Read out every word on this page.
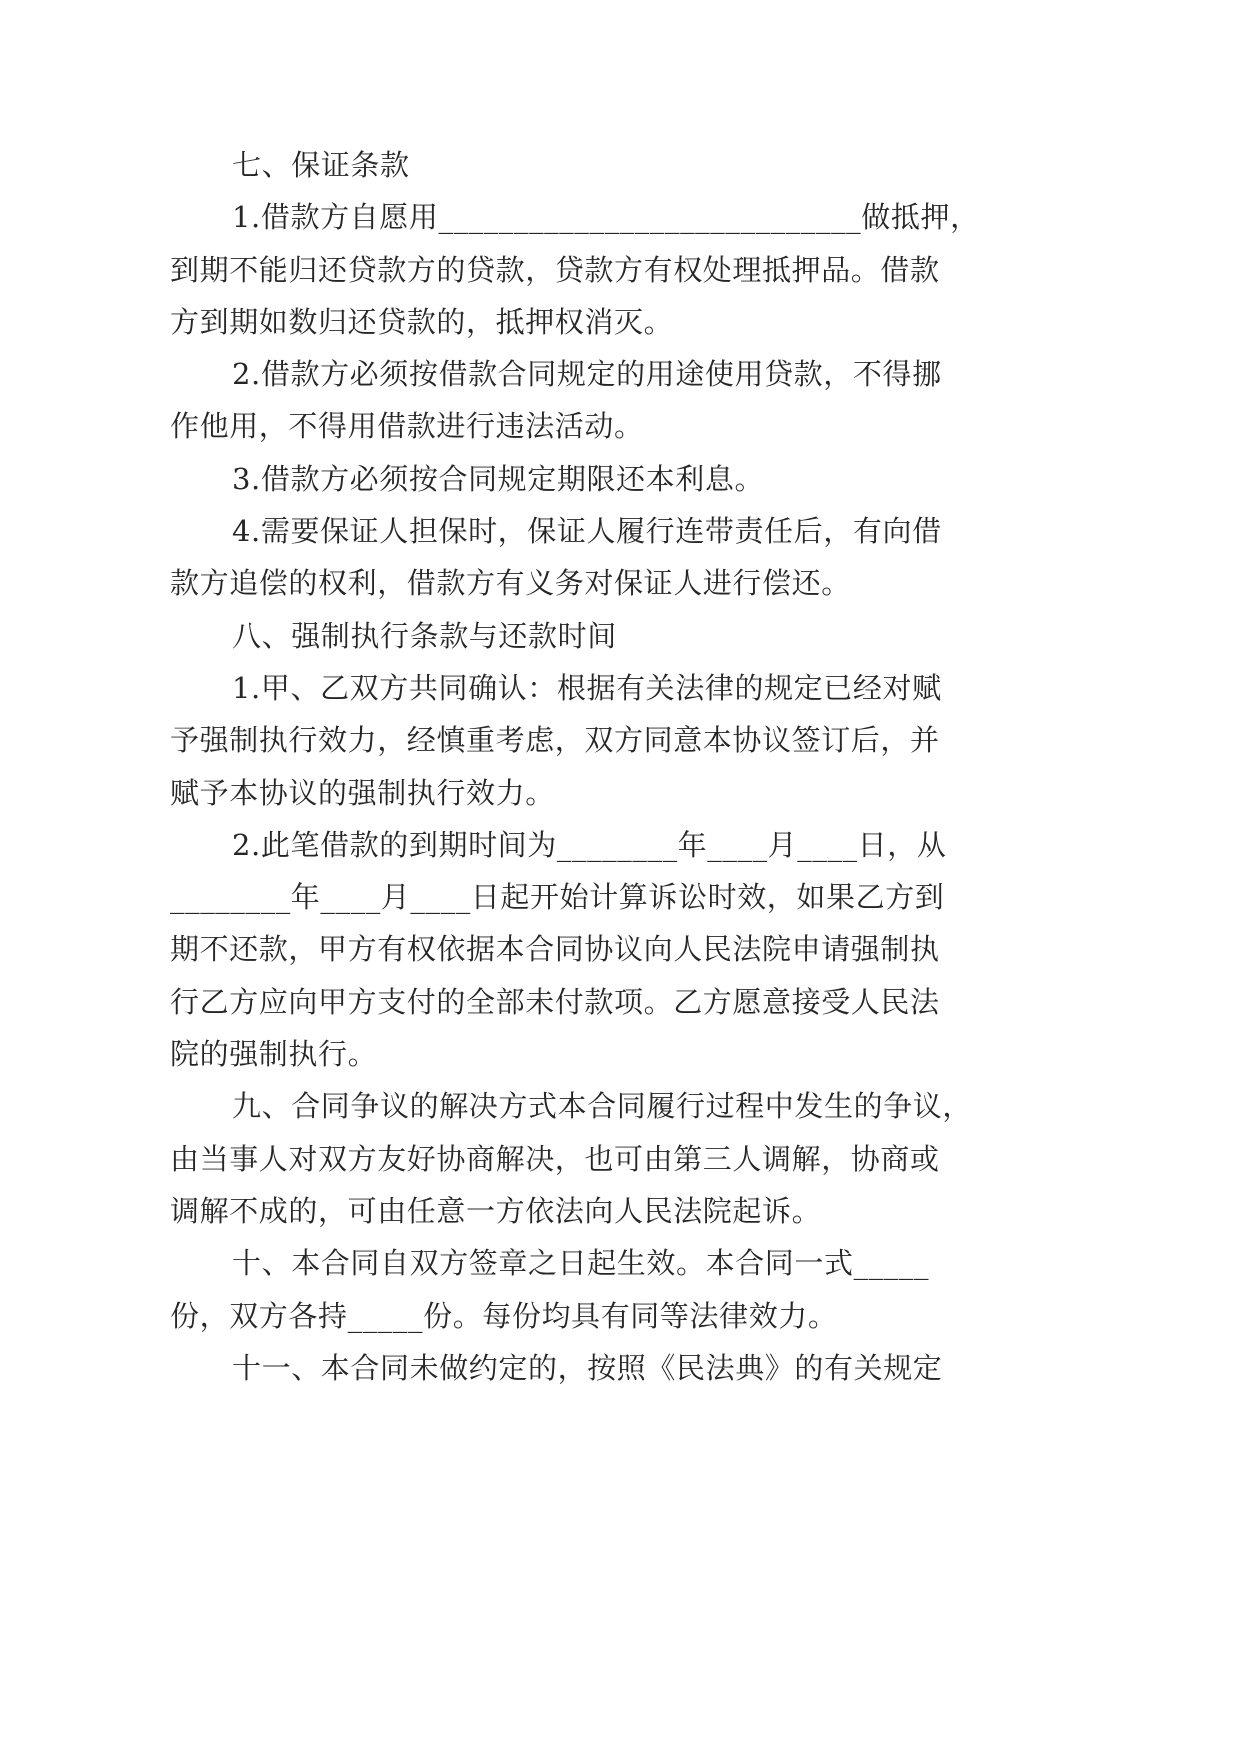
七、保证条款
1.借款方自愿用____________________________做抵押，
到期不能归还贷款方的贷款，贷款方有权处理抵押品。借款
方到期如数归还贷款的，抵押权消灭。
2.借款方必须按借款合同规定的用途使用贷款，不得挪
作他用，不得用借款进行违法活动。
3.借款方必须按合同规定期限还本利息。
4.需要保证人担保时，保证人履行连带责任后，有向借
款方追偿的权利，借款方有义务对保证人进行偿还。
八、强制执行条款与还款时间
1.甲、乙双方共同确认：根据有关法律的规定已经对赋
予强制执行效力，经慎重考虑，双方同意本协议签订后，并
赋予本协议的强制执行效力。
2.此笔借款的到期时间为________年____月____日，从
________年____月____日起开始计算诉讼时效，如果乙方到
期不还款，甲方有权依据本合同协议向人民法院申请强制执
行乙方应向甲方支付的全部未付款项。乙方愿意接受人民法
院的强制执行。
九、合同争议的解决方式本合同履行过程中发生的争议，
由当事人对双方友好协商解决，也可由第三人调解，协商或
调解不成的，可由任意一方依法向人民法院起诉。
十、本合同自双方签章之日起生效。本合同一式_____
份，双方各持_____份。每份均具有同等法律效力。
十一、本合同未做约定的，按照《民法典》的有关规定
